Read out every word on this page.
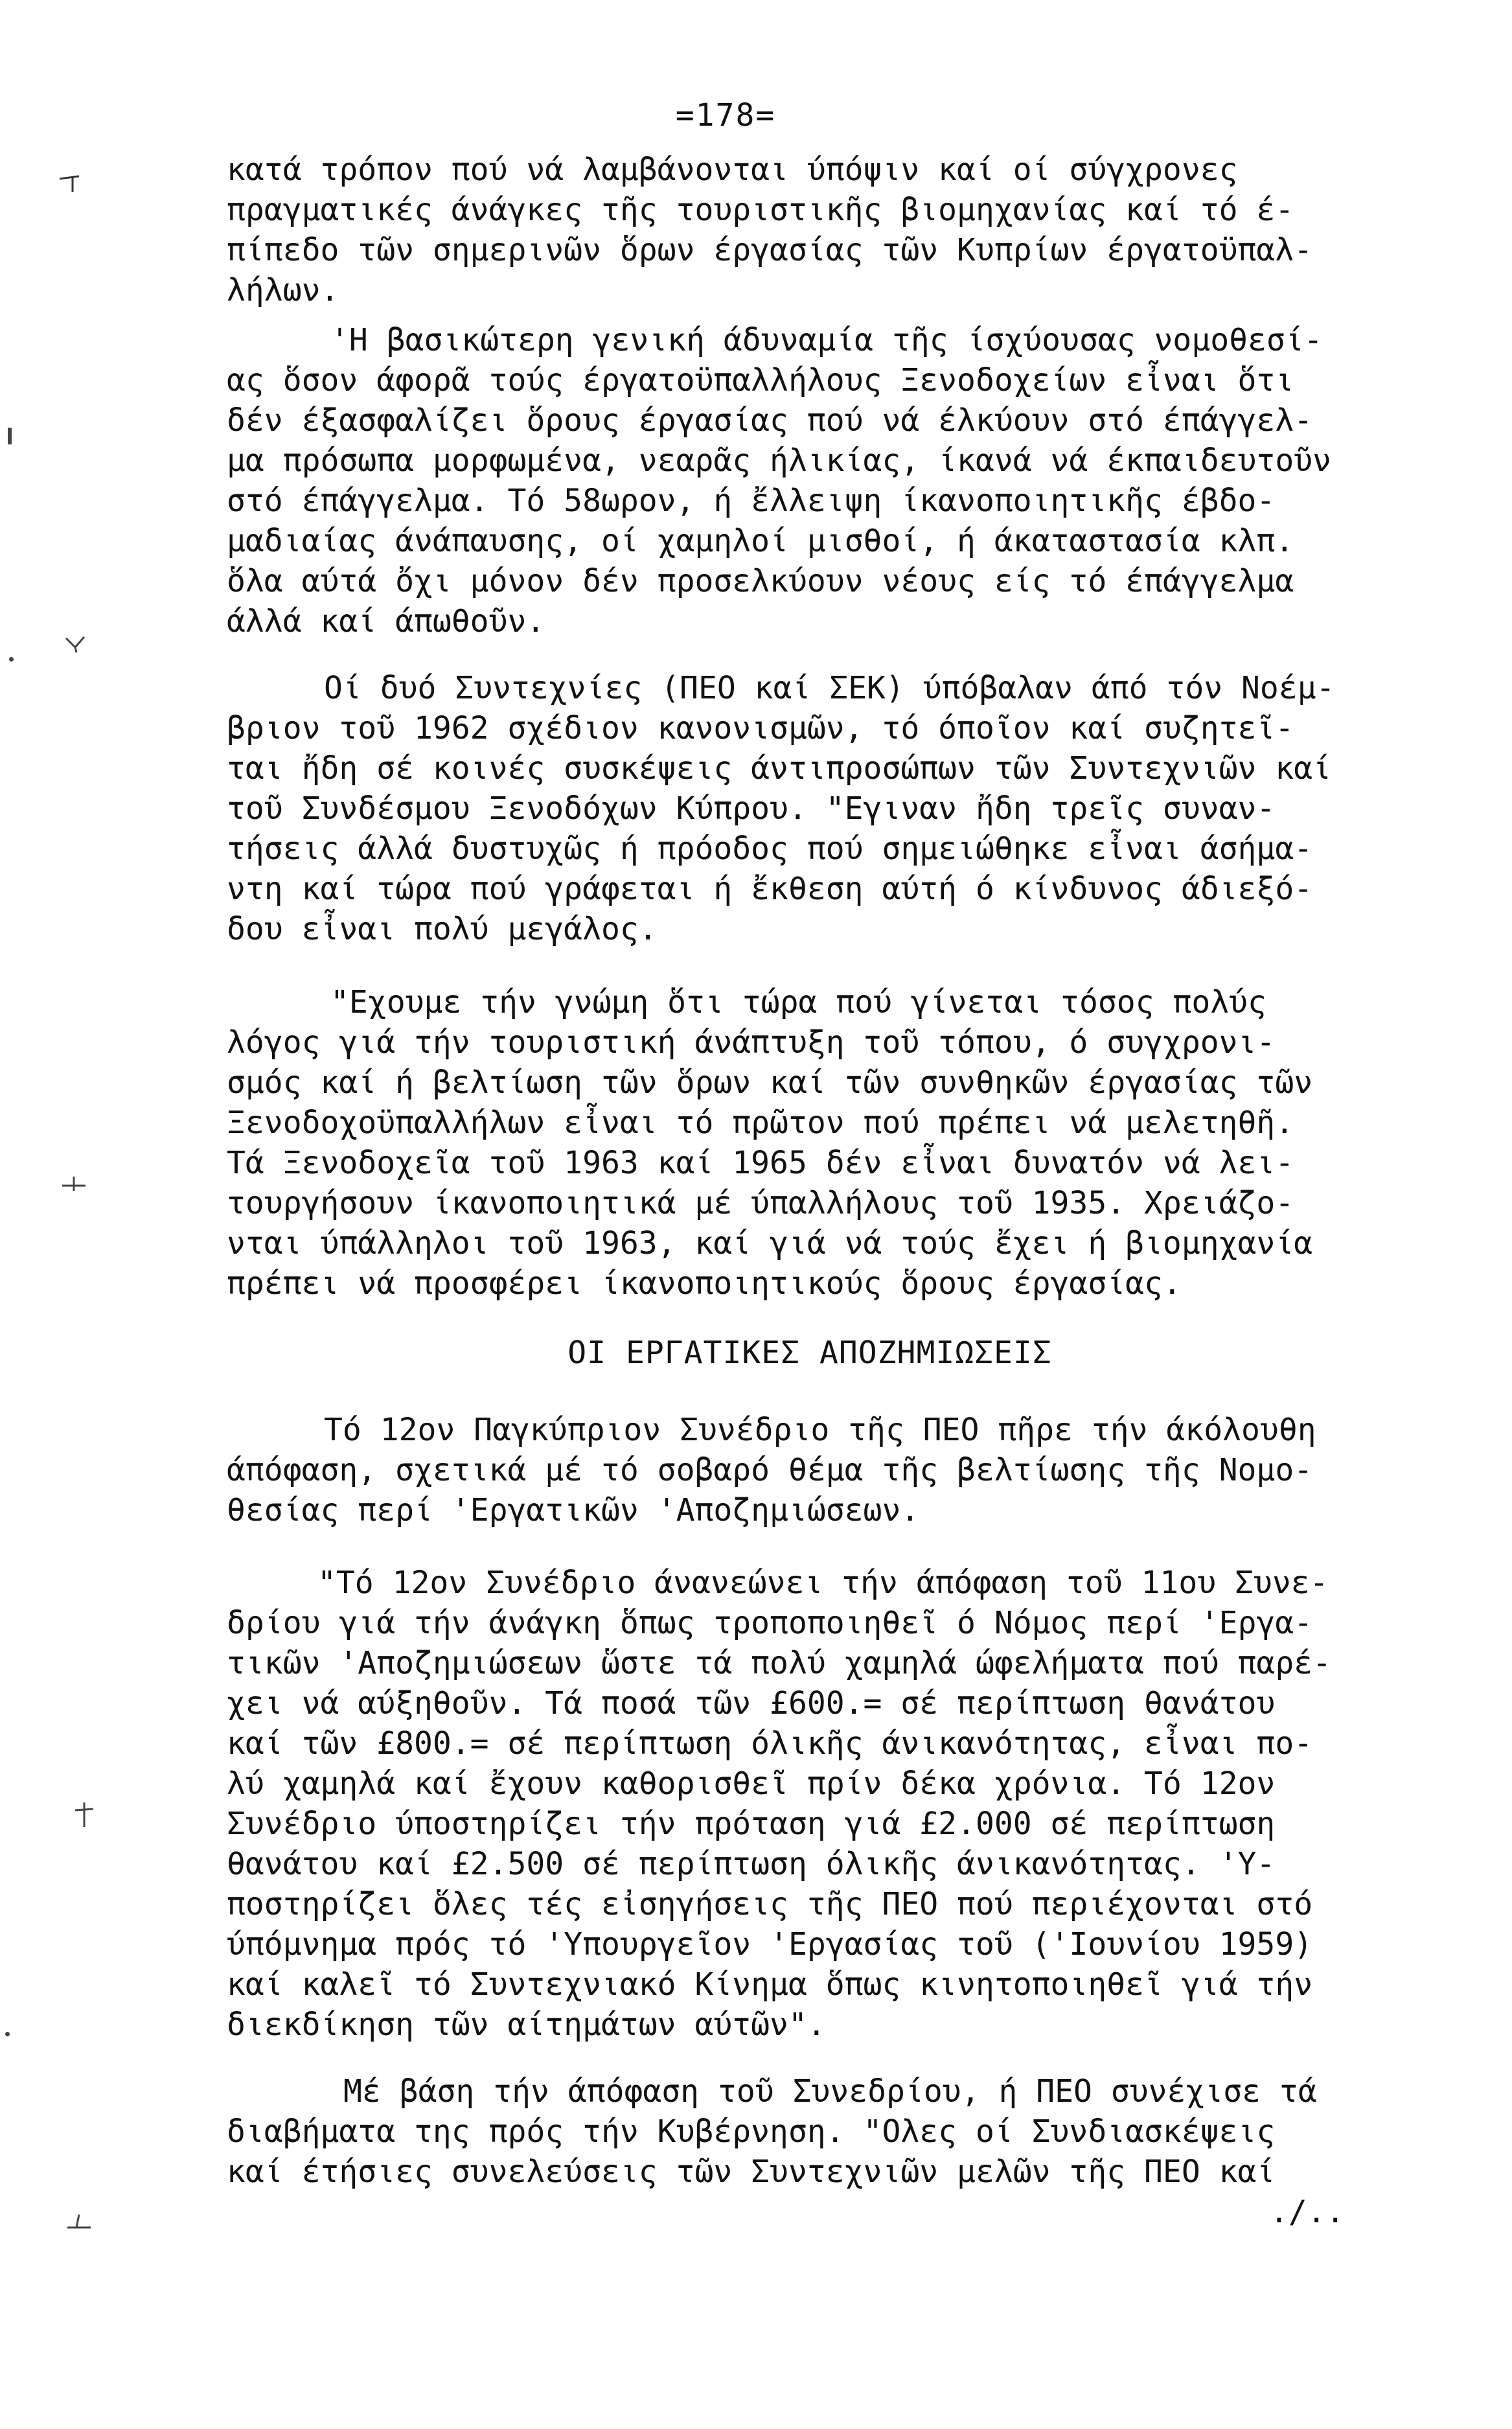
=178=
κατά τρόπον πού νά λαμβάνονται ύπόψιν καί οί σύγχρονες
πραγματικές άνάγκες τῆς τουριστικῆς βιομηχανίας καί τό έ-
πίπεδο τῶν σημερινῶν ὅρων έργασίας τῶν Κυπρίων έργατοϋπαλ-
λήλων.
'Η βασικώτερη γενική άδυναμία τῆς ίσχύουσας νομοθεσί-
ας ὅσον άφορᾶ τούς έργατοϋπαλλήλους Ξενοδοχείων εἶναι ὅτι
δέν έξασφαλίζει ὅρους έργασίας πού νά έλκύουν στό έπάγγελ-
μα πρόσωπα μορφωμένα, νεαρᾶς ήλικίας, ίκανά νά έκπαιδευτοῦν
στό έπάγγελμα. Τό 58ωρον, ή ἔλλειψη ίκανοποιητικῆς έβδο-
μαδιαίας άνάπαυσης, οί χαμηλοί μισθοί, ή άκαταστασία κλπ.
ὅλα αύτά ὄχι μόνον δέν προσελκύουν νέους είς τό έπάγγελμα
άλλά καί άπωθοῦν.
Οί δυό Συντεχνίες (ΠΕΟ καί ΣΕΚ) ύπόβαλαν άπό τόν Νοέμ-
βριον τοῦ 1962 σχέδιον κανονισμῶν, τό όποῖον καί συζητεῖ-
ται ἤδη σέ κοινές συσκέψεις άντιπροσώπων τῶν Συντεχνιῶν καί
τοῦ Συνδέσμου Ξενοδόχων Κύπρου. "Εγιναν ἤδη τρεῖς συναν-
τήσεις άλλά δυστυχῶς ή πρόοδος πού σημειώθηκε εἶναι άσήμα-
ντη καί τώρα πού γράφεται ή ἔκθεση αύτή ό κίνδυνος άδιεξό-
δου εἶναι πολύ μεγάλος.
"Εχουμε τήν γνώμη ὅτι τώρα πού γίνεται τόσος πολύς
λόγος γιά τήν τουριστική άνάπτυξη τοῦ τόπου, ό συγχρονι-
σμός καί ή βελτίωση τῶν ὅρων καί τῶν συνθηκῶν έργασίας τῶν
Ξενοδοχοϋπαλλήλων εἶναι τό πρῶτον πού πρέπει νά μελετηθῆ.
Τά Ξενοδοχεῖα τοῦ 1963 καί 1965 δέν εἶναι δυνατόν νά λει-
τουργήσουν ίκανοποιητικά μέ ύπαλλήλους τοῦ 1935. Χρειάζο-
νται ύπάλληλοι τοῦ 1963, καί γιά νά τούς ἔχει ή βιομηχανία
πρέπει νά προσφέρει ίκανοποιητικούς ὅρους έργασίας.
ΟΙ ΕΡΓΑΤΙΚΕΣ ΑΠΟΖΗΜΙΩΣΕΙΣ
Τό 12ον Παγκύπριον Συνέδριο τῆς ΠΕΟ πῆρε τήν άκόλουθη
άπόφαση, σχετικά μέ τό σοβαρό θέμα τῆς βελτίωσης τῆς Νομο-
θεσίας περί 'Εργατικῶν 'Αποζημιώσεων.
"Τό 12ον Συνέδριο άνανεώνει τήν άπόφαση τοῦ 11ου Συνε-
δρίου γιά τήν άνάγκη ὅπως τροποποιηθεῖ ό Νόμος περί 'Εργα-
τικῶν 'Αποζημιώσεων ὥστε τά πολύ χαμηλά ώφελήματα πού παρέ-
χει νά αύξηθοῦν. Τά ποσά τῶν £600.= σέ περίπτωση θανάτου
καί τῶν £800.= σέ περίπτωση όλικῆς άνικανότητας, εἶναι πο-
λύ χαμηλά καί ἔχουν καθορισθεῖ πρίν δέκα χρόνια. Τό 12ον
Συνέδριο ύποστηρίζει τήν πρόταση γιά £2.000 σέ περίπτωση
θανάτου καί £2.500 σέ περίπτωση όλικῆς άνικανότητας. 'Υ-
ποστηρίζει ὅλες τές εἰσηγήσεις τῆς ΠΕΟ πού περιέχονται στό
ύπόμνημα πρός τό 'Υπουργεῖον 'Εργασίας τοῦ ('Ιουνίου 1959)
καί καλεῖ τό Συντεχνιακό Κίνημα ὅπως κινητοποιηθεῖ γιά τήν
διεκδίκηση τῶν αίτημάτων αύτῶν".
Μέ βάση τήν άπόφαση τοῦ Συνεδρίου, ή ΠΕΟ συνέχισε τά
διαβήματα της πρός τήν Κυβέρνηση. "Ολες οί Συνδιασκέψεις
καί έτήσιες συνελεύσεις τῶν Συντεχνιῶν μελῶν τῆς ΠΕΟ καί
./..
